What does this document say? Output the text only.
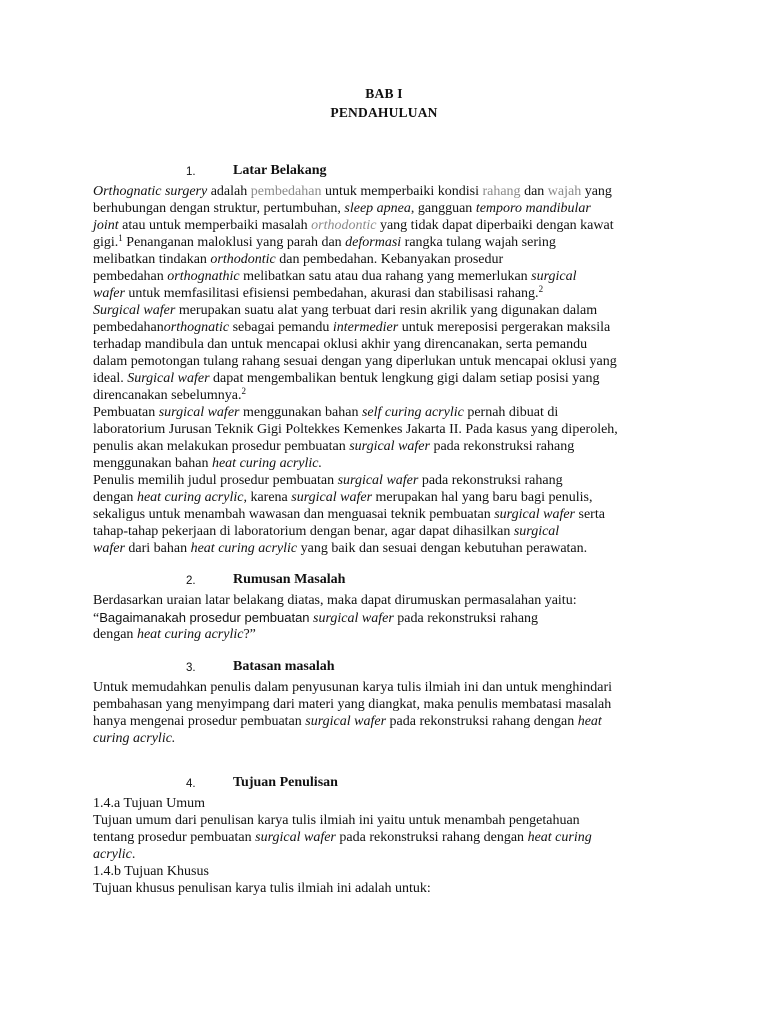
BAB I
PENDAHULUAN
1.	Latar Belakang
Orthognatic surgery adalah pembedahan untuk memperbaiki kondisi rahang dan wajah yang
berhubungan dengan struktur, pertumbuhan, sleep apnea, gangguan temporo mandibular
joint atau untuk memperbaiki masalah orthodontic yang tidak dapat diperbaiki dengan kawat
gigi.$^1$ Penanganan maloklusi yang parah dan deformasi rangka tulang wajah sering
melibatkan tindakan orthodontic dan pembedahan. Kebanyakan prosedur
pembedahan orthognathic melibatkan satu atau dua rahang yang memerlukan surgical
wafer untuk memfasilitasi efisiensi pembedahan, akurasi dan stabilisasi rahang.$^2$
Surgical wafer merupakan suatu alat yang terbuat dari resin akrilik yang digunakan dalam
pembedahanorthognatic sebagai pemandu intermedier untuk mereposisi pergerakan maksila
terhadap mandibula dan untuk mencapai oklusi akhir yang direncanakan, serta pemandu
dalam pemotongan tulang rahang sesuai dengan yang diperlukan untuk mencapai oklusi yang
ideal. Surgical wafer dapat mengembalikan bentuk lengkung gigi dalam setiap posisi yang
direncanakan sebelumnya.$^2$
Pembuatan surgical wafer menggunakan bahan self curing acrylic pernah dibuat di
laboratorium Jurusan Teknik Gigi Poltekkes Kemenkes Jakarta II. Pada kasus yang diperoleh,
penulis akan melakukan prosedur pembuatan surgical wafer pada rekonstruksi rahang
menggunakan bahan heat curing acrylic.
Penulis memilih judul prosedur pembuatan surgical wafer pada rekonstruksi rahang
dengan heat curing acrylic, karena surgical wafer merupakan hal yang baru bagi penulis,
sekaligus untuk menambah wawasan dan menguasai teknik pembuatan surgical wafer serta
tahap-tahap pekerjaan di laboratorium dengan benar, agar dapat dihasilkan surgical
wafer dari bahan heat curing acrylic yang baik dan sesuai dengan kebutuhan perawatan.
2.	Rumusan Masalah
Berdasarkan uraian latar belakang diatas, maka dapat dirumuskan permasalahan yaitu:
“Bagaimanakah prosedur pembuatan surgical wafer pada rekonstruksi rahang
dengan heat curing acrylic?”
3.	Batasan masalah
Untuk memudahkan penulis dalam penyusunan karya tulis ilmiah ini dan untuk menghindari
pembahasan yang menyimpang dari materi yang diangkat, maka penulis membatasi masalah
hanya mengenai prosedur pembuatan surgical wafer pada rekonstruksi rahang dengan heat
curing acrylic.
4.	Tujuan Penulisan
1.4.a Tujuan Umum
Tujuan umum dari penulisan karya tulis ilmiah ini yaitu untuk menambah pengetahuan
tentang prosedur pembuatan surgical wafer pada rekonstruksi rahang dengan heat curing
acrylic.
1.4.b Tujuan Khusus
Tujuan khusus penulisan karya tulis ilmiah ini adalah untuk:
